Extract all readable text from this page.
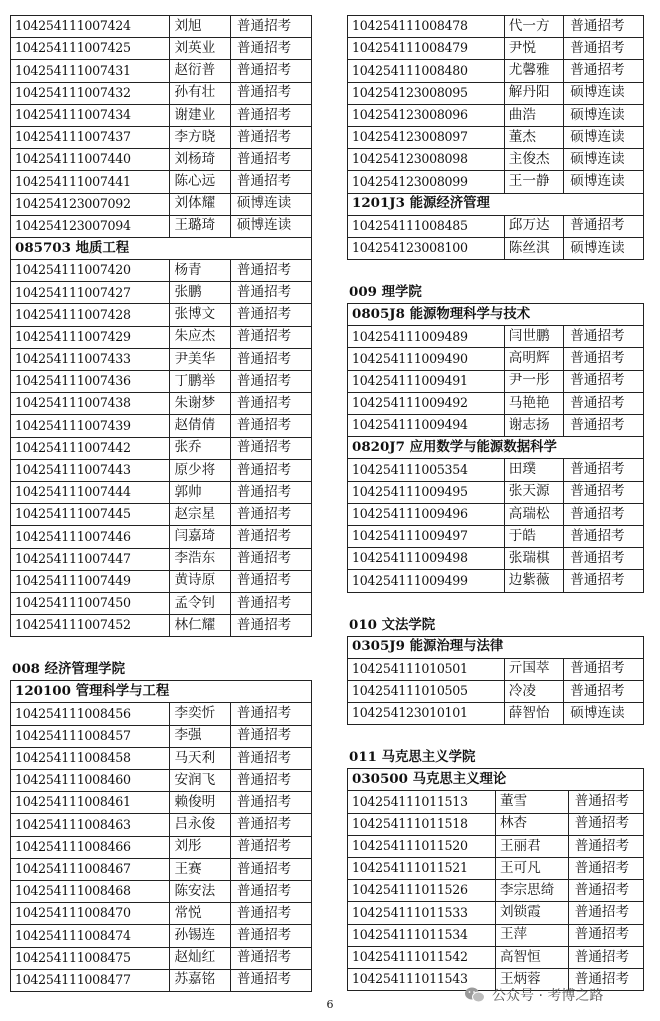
104254111007424	刘旭	普通招考
104254111007425	刘英业	普通招考
104254111007431	赵衍普	普通招考
104254111007432	孙有壮	普通招考
104254111007434	谢建业	普通招考
104254111007437	李方晓	普通招考
104254111007440	刘杨琦	普通招考
104254111007441	陈心远	普通招考
104254123007092	刘体耀	硕博连读
104254123007094	王璐琦	硕博连读
085703 地质工程		
104254111007420	杨青	普通招考
104254111007427	张鹏	普通招考
104254111007428	张博文	普通招考
104254111007429	朱应杰	普通招考
104254111007433	尹美华	普通招考
104254111007436	丁鹏举	普通招考
104254111007438	朱谢梦	普通招考
104254111007439	赵倩倩	普通招考
104254111007442	张乔	普通招考
104254111007443	原少将	普通招考
104254111007444	郭帅	普通招考
104254111007445	赵宗星	普通招考
104254111007446	闫嘉琦	普通招考
104254111007447	李浩东	普通招考
104254111007449	黄诗原	普通招考
104254111007450	孟令钊	普通招考
104254111007452	林仁耀	普通招考
008 经济管理学院
120100 管理科学与工程		
104254111008456	李奕忻	普通招考
104254111008457	李强	普通招考
104254111008458	马天利	普通招考
104254111008460	安润飞	普通招考
104254111008461	赖俊明	普通招考
104254111008463	吕永俊	普通招考
104254111008466	刘彤	普通招考
104254111008467	王赛	普通招考
104254111008468	陈安法	普通招考
104254111008470	常悦	普通招考
104254111008474	孙锡连	普通招考
104254111008475	赵灿红	普通招考
104254111008477	苏嘉铭	普通招考
104254111008478	代一方	普通招考
104254111008479	尹悦	普通招考
104254111008480	尤馨雅	普通招考
104254123008095	解丹阳	硕博连读
104254123008096	曲浩	硕博连读
104254123008097	董杰	硕博连读
104254123008098	主俊杰	硕博连读
104254123008099	王一静	硕博连读
1201J3 能源经济管理		
104254111008485	邱万达	普通招考
104254123008100	陈丝淇	硕博连读
009 理学院
0805J8 能源物理科学与技术		
104254111009489	闫世鹏	普通招考
104254111009490	高明辉	普通招考
104254111009491	尹一彤	普通招考
104254111009492	马艳艳	普通招考
104254111009494	谢志扬	普通招考
0820J7 应用数学与能源数据科学		
104254111005354	田璞	普通招考
104254111009495	张天源	普通招考
104254111009496	高瑞松	普通招考
104254111009497	于皓	普通招考
104254111009498	张瑞棋	普通招考
104254111009499	边紫薇	普通招考
010 文法学院
0305J9 能源治理与法律		
104254111010501	亓国萃	普通招考
104254111010505	冷凌	普通招考
104254123010101	薛智怡	硕博连读
011 马克思主义学院
030500 马克思主义理论		
104254111011513	董雪	普通招考
104254111011518	林杏	普通招考
104254111011520	王丽君	普通招考
104254111011521	王可凡	普通招考
104254111011526	李宗思绮	普通招考
104254111011533	刘锁霞	普通招考
104254111011534	王萍	普通招考
104254111011542	高智恒	普通招考
104254111011543	王炳蓉	普通招考
6
公众号 · 考博之路
